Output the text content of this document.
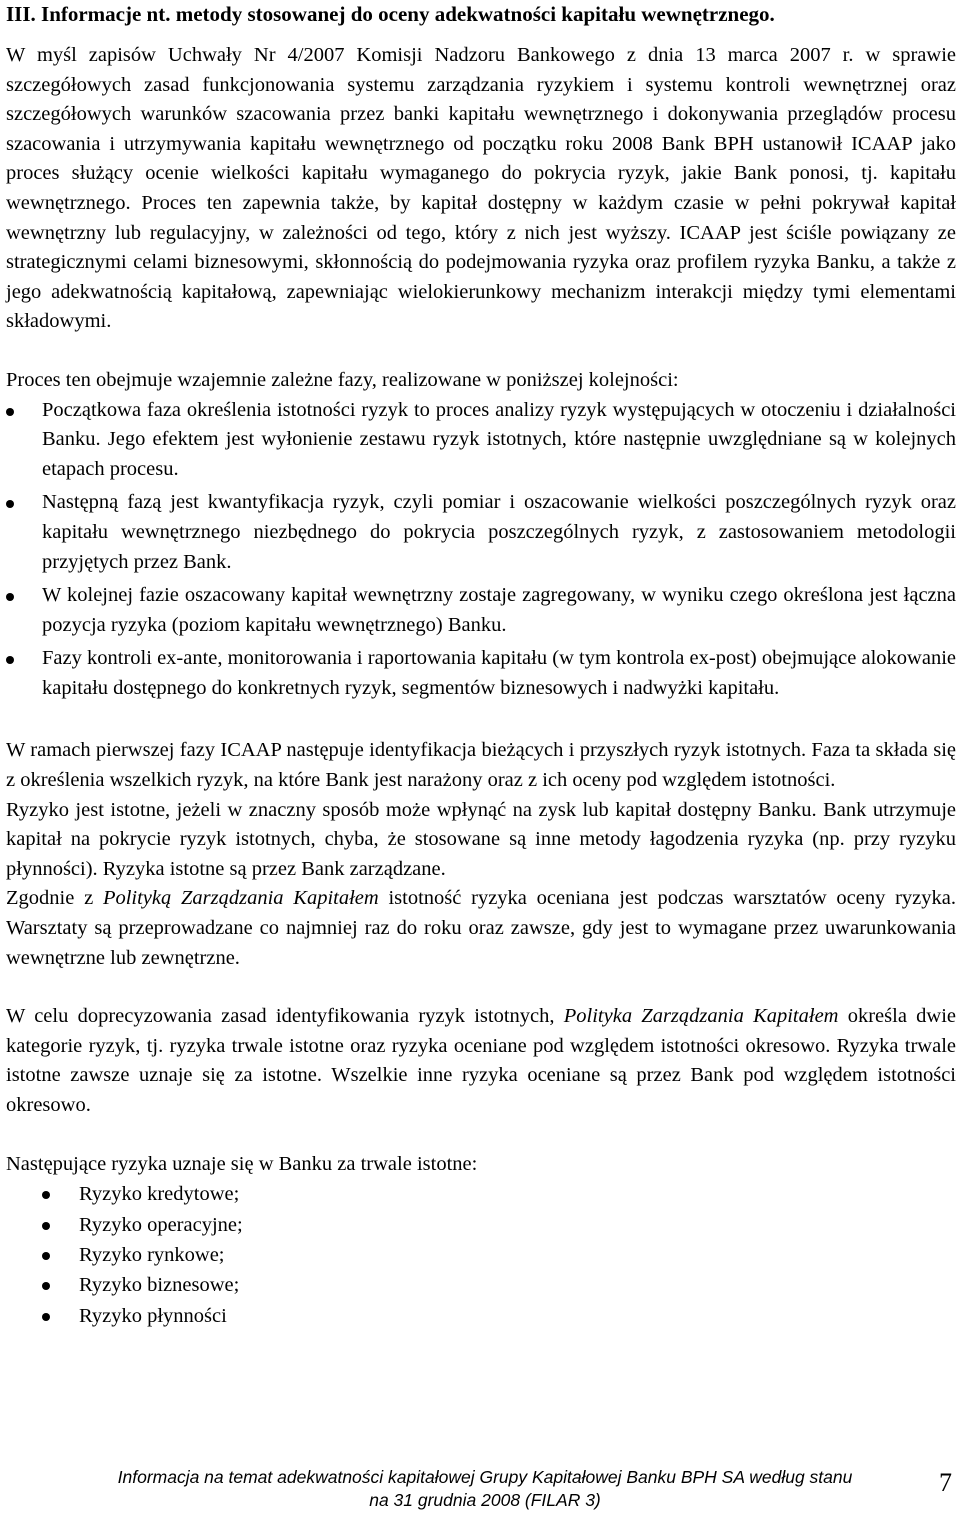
III. Informacje nt. metody stosowanej do oceny adekwatności kapitału wewnętrznego.

W myśl zapisów Uchwały Nr 4/2007 Komisji Nadzoru Bankowego z dnia 13 marca 2007 r. w sprawie szczegółowych zasad funkcjonowania systemu zarządzania ryzykiem i systemu kontroli wewnętrznej oraz szczegółowych warunków szacowania przez banki kapitału wewnętrznego i dokonywania przeglądów procesu szacowania i utrzymywania kapitału wewnętrznego od początku roku 2008 Bank BPH ustanowił ICAAP jako proces służący ocenie wielkości kapitału wymaganego do pokrycia ryzyk, jakie Bank ponosi, tj. kapitału wewnętrznego. Proces ten zapewnia także, by kapitał dostępny w każdym czasie w pełni pokrywał kapitał wewnętrzny lub regulacyjny, w zależności od tego, który z nich jest wyższy. ICAAP jest ściśle powiązany ze strategicznymi celami biznesowymi, skłonnością do podejmowania ryzyka oraz profilem ryzyka Banku, a także z jego adekwatnością kapitałową, zapewniając wielokierunkowy mechanizm interakcji między tymi elementami składowymi.

Proces ten obejmuje wzajemnie zależne fazy, realizowane w poniższej kolejności:

Początkowa faza określenia istotności ryzyk to proces analizy ryzyk występujących w otoczeniu i działalności Banku. Jego efektem jest wyłonienie zestawu ryzyk istotnych, które następnie uwzględniane są w kolejnych etapach procesu.
Następną fazą jest kwantyfikacja ryzyk, czyli pomiar i oszacowanie wielkości poszczególnych ryzyk oraz kapitału wewnętrznego niezbędnego do pokrycia poszczególnych ryzyk, z zastosowaniem metodologii przyjętych przez Bank.
W kolejnej fazie oszacowany kapitał wewnętrzny zostaje zagregowany, w wyniku czego określona jest łączna pozycja ryzyka (poziom kapitału wewnętrznego) Banku.
Fazy kontroli ex-ante, monitorowania i raportowania kapitału (w tym kontrola ex-post) obejmujące alokowanie kapitału dostępnego do konkretnych ryzyk, segmentów biznesowych i nadwyżki kapitału.

W ramach pierwszej fazy ICAAP następuje identyfikacja bieżących i przyszłych ryzyk istotnych. Faza ta składa się z określenia wszelkich ryzyk, na które Bank jest narażony oraz z ich oceny pod względem istotności.

Ryzyko jest istotne, jeżeli w znaczny sposób może wpłynąć na zysk lub kapitał dostępny Banku. Bank utrzymuje kapitał na pokrycie ryzyk istotnych, chyba, że stosowane są inne metody łagodzenia ryzyka (np. przy ryzyku płynności). Ryzyka istotne są przez Bank zarządzane.

Zgodnie z Polityką Zarządzania Kapitałem istotność ryzyka oceniana jest podczas warsztatów oceny ryzyka. Warsztaty są przeprowadzane co najmniej raz do roku oraz zawsze, gdy jest to wymagane przez uwarunkowania wewnętrzne lub zewnętrzne.

W celu doprecyzowania zasad identyfikowania ryzyk istotnych, Polityka Zarządzania Kapitałem określa dwie kategorie ryzyk, tj. ryzyka trwale istotne oraz ryzyka oceniane pod względem istotności okresowo. Ryzyka trwale istotne zawsze uznaje się za istotne. Wszelkie inne ryzyka oceniane są przez Bank pod względem istotności okresowo.

Następujące ryzyka uznaje się w Banku za trwale istotne:

Ryzyko kredytowe;
Ryzyko operacyjne;
Ryzyko rynkowe;
Ryzyko biznesowe;
Ryzyko płynności
Informacja na temat adekwatności kapitałowej Grupy Kapitałowej Banku BPH SA według stanu
na 31 grudnia 2008 (FILAR 3)
7
